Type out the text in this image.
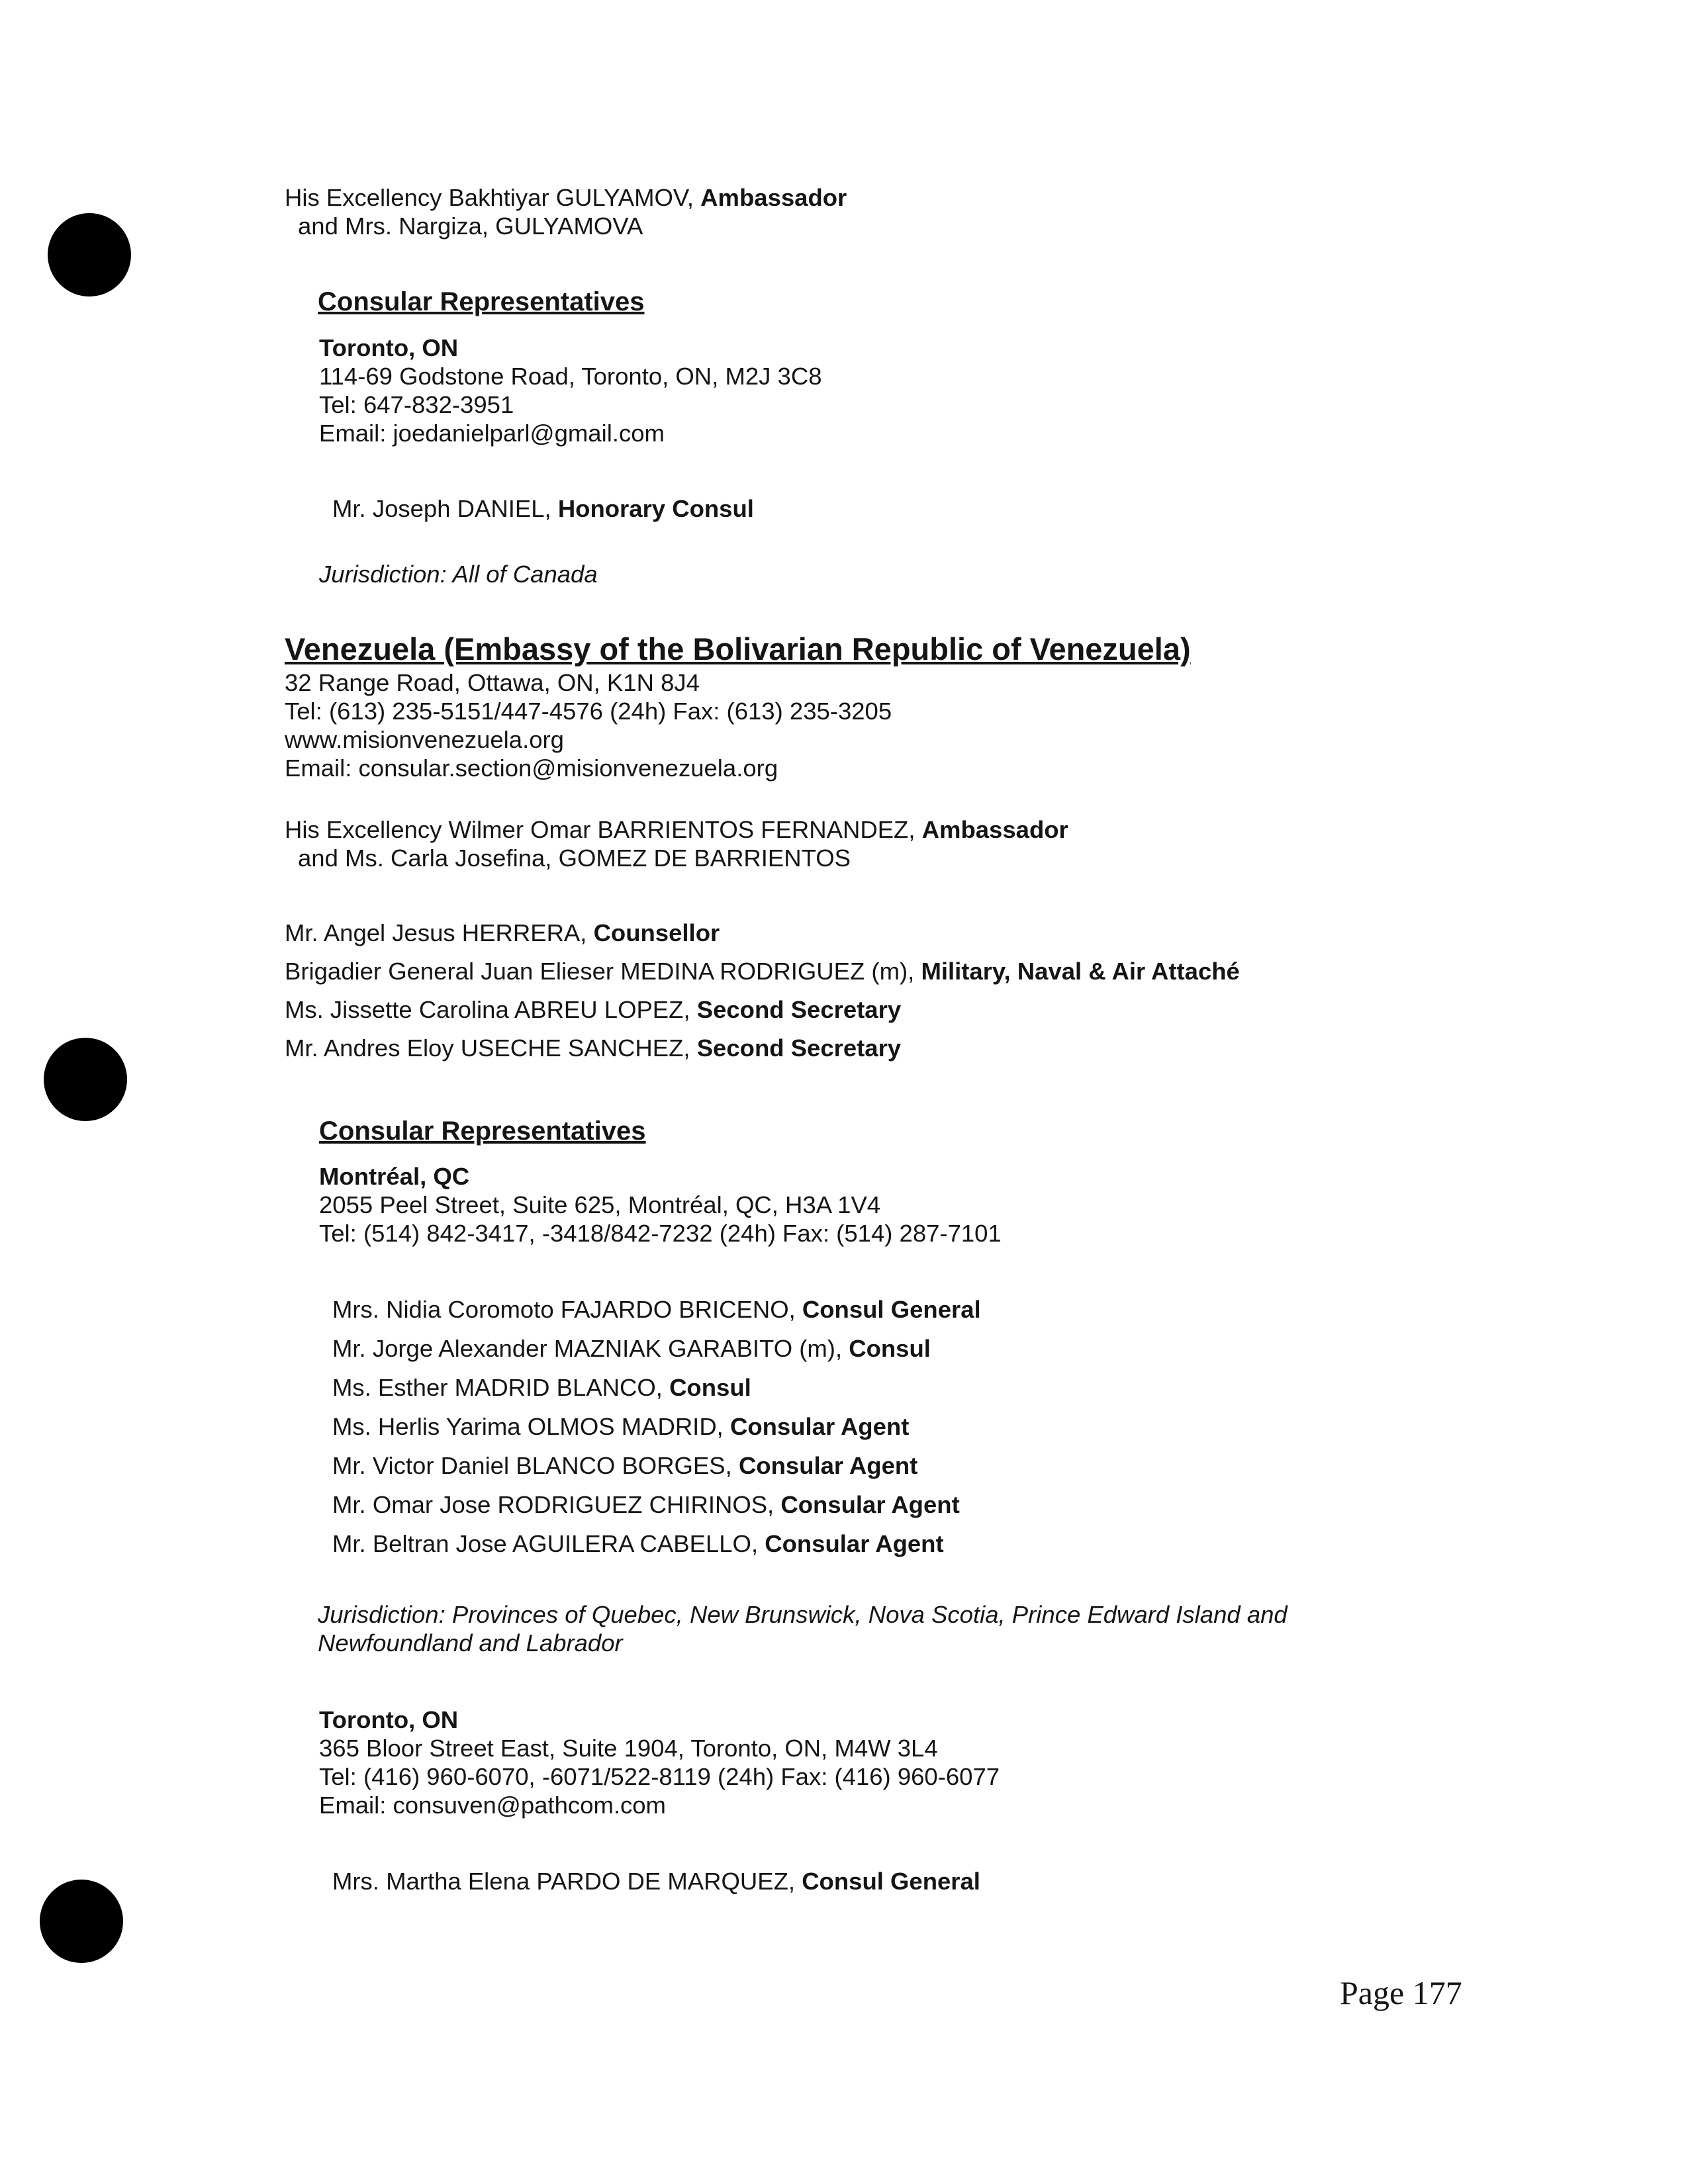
His Excellency Bakhtiyar GULYAMOV, Ambassador
and Mrs. Nargiza, GULYAMOVA
Consular Representatives
Toronto, ON
114-69 Godstone Road, Toronto, ON, M2J 3C8
Tel: 647-832-3951
Email: joedanielparl@gmail.com
Mr. Joseph DANIEL, Honorary Consul
Jurisdiction: All of Canada
Venezuela (Embassy of the Bolivarian Republic of Venezuela)
32 Range Road, Ottawa, ON, K1N 8J4
Tel: (613) 235-5151/447-4576 (24h) Fax: (613) 235-3205
www.misionvenezuela.org
Email: consular.section@misionvenezuela.org
His Excellency Wilmer Omar BARRIENTOS FERNANDEZ, Ambassador
and Ms. Carla Josefina, GOMEZ DE BARRIENTOS
Mr. Angel Jesus HERRERA, Counsellor
Brigadier General Juan Elieser MEDINA RODRIGUEZ (m), Military, Naval & Air Attaché
Ms. Jissette Carolina ABREU LOPEZ, Second Secretary
Mr. Andres Eloy USECHE SANCHEZ, Second Secretary
Consular Representatives
Montréal, QC
2055 Peel Street, Suite 625, Montréal, QC, H3A 1V4
Tel: (514) 842-3417, -3418/842-7232 (24h) Fax: (514) 287-7101
Mrs. Nidia Coromoto FAJARDO BRICENO, Consul General
Mr. Jorge Alexander MAZNIAK GARABITO (m), Consul
Ms. Esther MADRID BLANCO, Consul
Ms. Herlis Yarima OLMOS MADRID, Consular Agent
Mr. Victor Daniel BLANCO BORGES, Consular Agent
Mr. Omar Jose RODRIGUEZ CHIRINOS, Consular Agent
Mr. Beltran Jose AGUILERA CABELLO, Consular Agent
Jurisdiction: Provinces of Quebec, New Brunswick, Nova Scotia, Prince Edward Island and
Newfoundland and Labrador
Toronto, ON
365 Bloor Street East, Suite 1904, Toronto, ON, M4W 3L4
Tel: (416) 960-6070, -6071/522-8119 (24h) Fax: (416) 960-6077
Email: consuven@pathcom.com
Mrs. Martha Elena PARDO DE MARQUEZ, Consul General
Page 177
